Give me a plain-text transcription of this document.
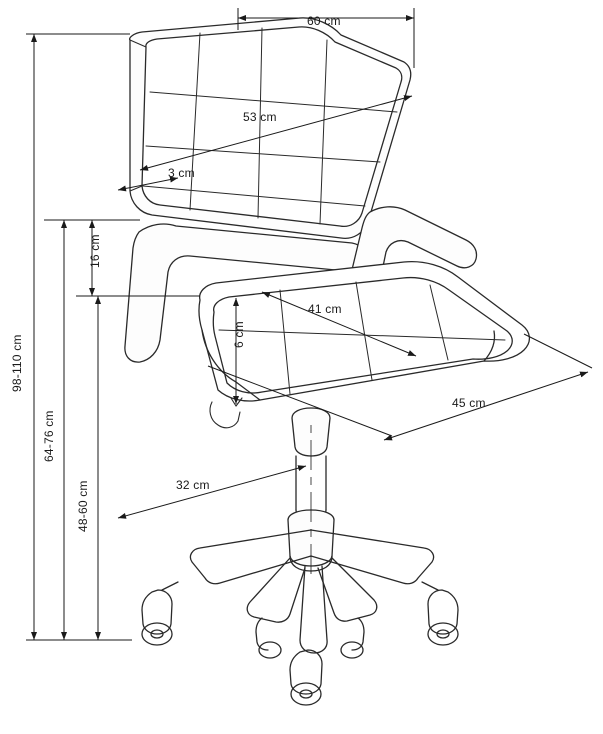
60 cm
53 cm
3 cm
16 cm
6 cm
41 cm
45 cm
32 cm
98-110 cm
64-76 cm
48-60 cm
